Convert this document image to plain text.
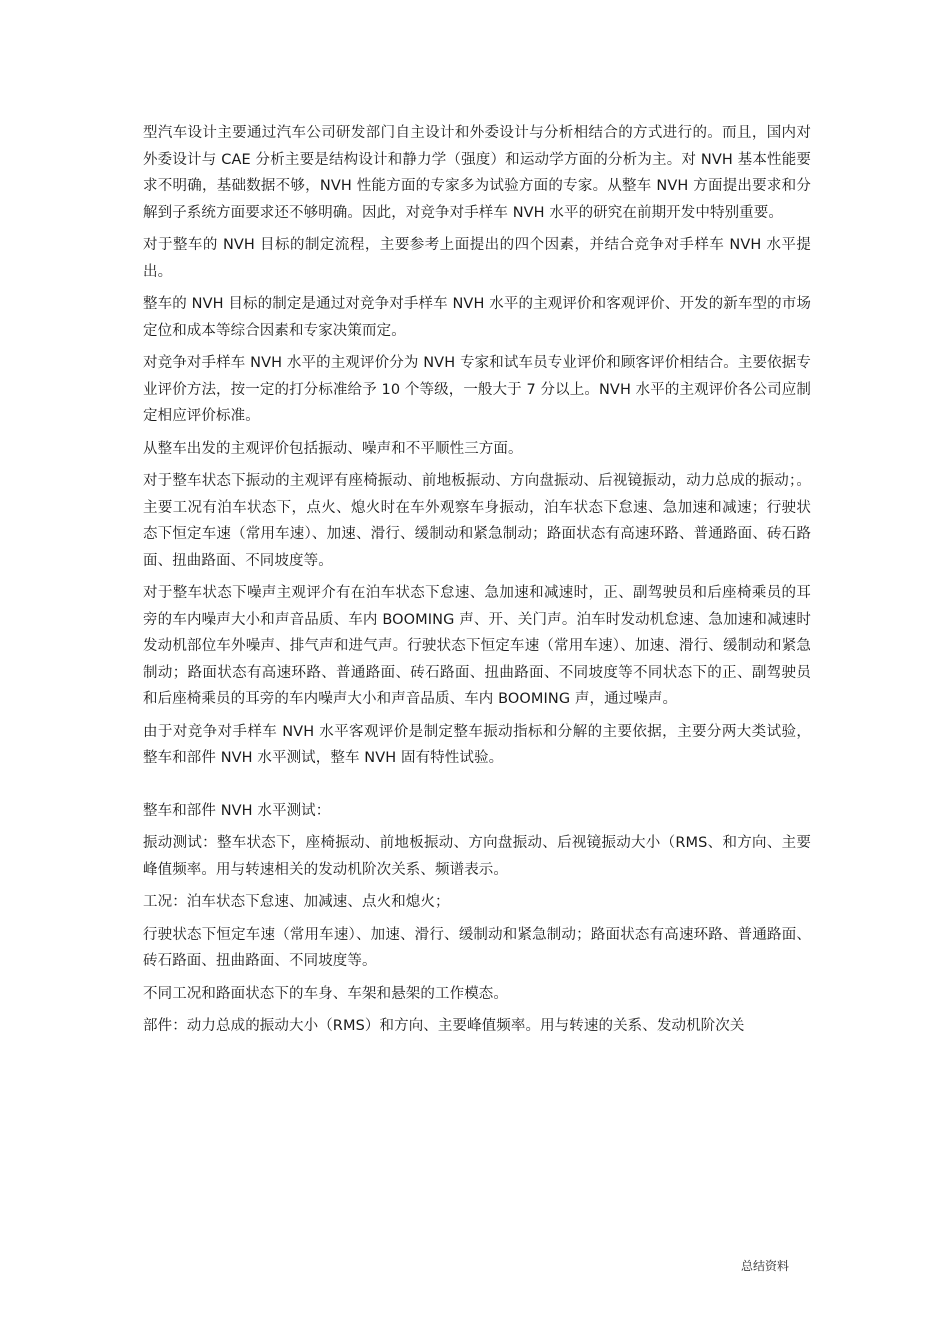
型汽车设计主要通过汽车公司研发部门自主设计和外委设计与分析相结合的方式进行的。而且，国内对外委设计与 CAE 分析主要是结构设计和静力学（强度）和运动学方面的分析为主。对 NVH 基本性能要求不明确，基础数据不够，NVH 性能方面的专家多为试验方面的专家。从整车 NVH 方面提出要求和分解到子系统方面要求还不够明确。因此，对竞争对手样车 NVH 水平的研究在前期开发中特别重要。

对于整车的 NVH 目标的制定流程，主要参考上面提出的四个因素，并结合竞争对手样车 NVH 水平提出。

整车的 NVH 目标的制定是通过对竞争对手样车 NVH 水平的主观评价和客观评价、开发的新车型的市场定位和成本等综合因素和专家决策而定。

对竞争对手样车 NVH 水平的主观评价分为 NVH 专家和试车员专业评价和顾客评价相结合。主要依据专业评价方法，按一定的打分标准给予 10 个等级，一般大于 7 分以上。NVH 水平的主观评价各公司应制定相应评价标准。

从整车出发的主观评价包括振动、噪声和不平顺性三方面。

对于整车状态下振动的主观评有座椅振动、前地板振动、方向盘振动、后视镜振动，动力总成的振动；。主要工况有泊车状态下，点火、熄火时在车外观察车身振动，泊车状态下怠速、急加速和减速；行驶状态下恒定车速（常用车速）、加速、滑行、缓制动和紧急制动；路面状态有高速环路、普通路面、砖石路面、扭曲路面、不同坡度等。

对于整车状态下噪声主观评介有在泊车状态下怠速、急加速和减速时，正、副驾驶员和后座椅乘员的耳旁的车内噪声大小和声音品质、车内 BOOMING 声、开、关门声。泊车时发动机怠速、急加速和减速时发动机部位车外噪声、排气声和进气声。行驶状态下恒定车速（常用车速）、加速、滑行、缓制动和紧急制动；路面状态有高速环路、普通路面、砖石路面、扭曲路面、不同坡度等不同状态下的正、副驾驶员和后座椅乘员的耳旁的车内噪声大小和声音品质、车内 BOOMING 声，通过噪声。

由于对竞争对手样车 NVH 水平客观评价是制定整车振动指标和分解的主要依据，主要分两大类试验，整车和部件 NVH 水平测试，整车 NVH 固有特性试验。

整车和部件 NVH 水平测试：

振动测试：整车状态下，座椅振动、前地板振动、方向盘振动、后视镜振动大小（RMS、和方向、主要峰值频率。用与转速相关的发动机阶次关系、频谱表示。

工况：泊车状态下怠速、加减速、点火和熄火；

行驶状态下恒定车速（常用车速）、加速、滑行、缓制动和紧急制动；路面状态有高速环路、普通路面、砖石路面、扭曲路面、不同坡度等。

不同工况和路面状态下的车身、车架和悬架的工作模态。

部件：动力总成的振动大小（RMS）和方向、主要峰值频率。用与转速的关系、发动机阶次关

总结资料
